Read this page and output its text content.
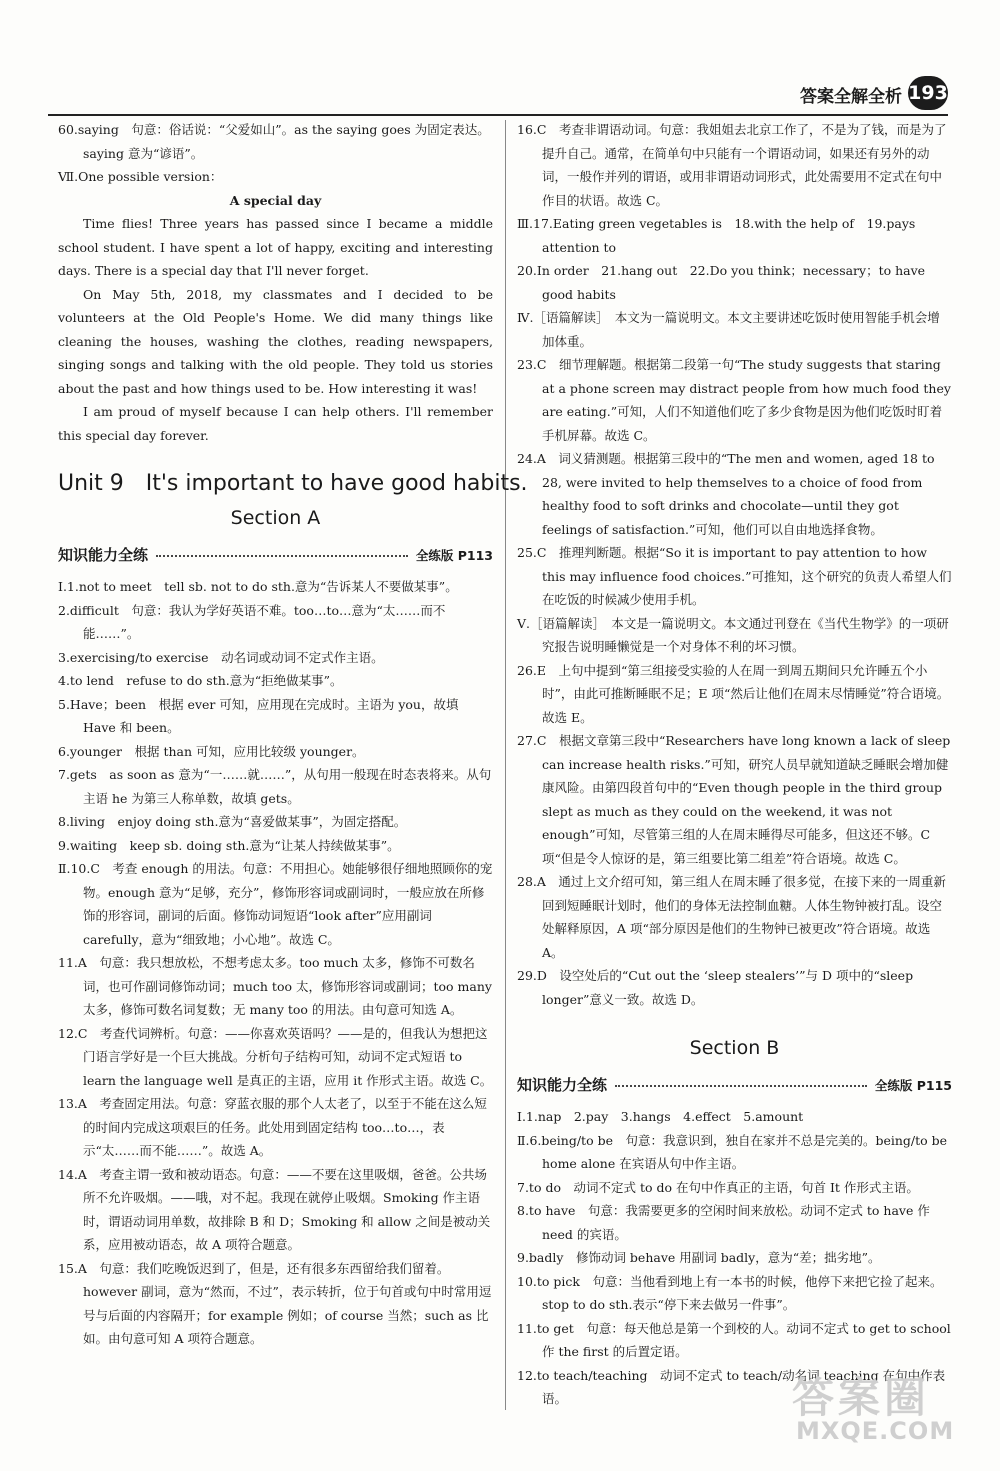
答案全解全析 193

60.saying　句意：俗话说：“父爱如山”。as the saying goes 为固定表达。saying 意为“谚语”。

Ⅶ.One possible version：

A special day

Time flies! Three years has passed since I became a middle school student. I have spent a lot of happy, exciting and interesting days. There is a special day that I'll never forget.

On May 5th, 2018, my classmates and I decided to be volunteers at the Old People's Home. We did many things like cleaning the houses, washing the clothes, reading newspapers, singing songs and talking with the old people. They told us stories about the past and how things used to be. How interesting it was!

I am proud of myself because I can help others. I'll remember this special day forever.

Unit 9　It's important to have good habits.
Section A
知识能力全练	全练版 P113

Ⅰ.1.not to meet　tell sb. not to do sth.意为“告诉某人不要做某事”。

2.difficult　句意：我认为学好英语不难。too…to…意为“太……而不能……”。

3.exercising/to exercise　动名词或动词不定式作主语。

4.to lend　refuse to do sth.意为“拒绝做某事”。

5.Have；been　根据 ever 可知，应用现在完成时。主语为 you，故填 Have 和 been。

6.younger　根据 than 可知，应用比较级 younger。

7.gets　as soon as 意为“一……就……”，从句用一般现在时态表将来。从句主语 he 为第三人称单数，故填 gets。

8.living　enjoy doing sth.意为“喜爱做某事”，为固定搭配。

9.waiting　keep sb. doing sth.意为“让某人持续做某事”。

Ⅱ.10.C　考查 enough 的用法。句意：不用担心。她能够很仔细地照顾你的宠物。enough 意为“足够，充分”，修饰形容词或副词时，一般应放在所修饰的形容词，副词的后面。修饰动词短语“look after”应用副词 carefully，意为“细致地；小心地”。故选 C。

11.A　句意：我只想放松，不想考虑太多。too much 太多，修饰不可数名词，也可作副词修饰动词；much too 太，修饰形容词或副词；too many 太多，修饰可数名词复数；无 many too 的用法。由句意可知选 A。

12.C　考查代词辨析。句意：——你喜欢英语吗？——是的，但我认为想把这门语言学好是一个巨大挑战。分析句子结构可知，动词不定式短语 to learn the language well 是真正的主语，应用 it 作形式主语。故选 C。

13.A　考查固定用法。句意：穿蓝衣服的那个人太老了，以至于不能在这么短的时间内完成这项艰巨的任务。此处用到固定结构 too…to…，表示“太……而不能……”。故选 A。

14.A　考查主谓一致和被动语态。句意：——不要在这里吸烟，爸爸。公共场所不允许吸烟。——哦，对不起。我现在就停止吸烟。Smoking 作主语时，谓语动词用单数，故排除 B 和 D；Smoking 和 allow 之间是被动关系，应用被动语态，故 A 项符合题意。

15.A　句意：我们吃晚饭迟到了，但是，还有很多东西留给我们留着。however 副词，意为“然而，不过”，表示转折，位于句首或句中时常用逗号与后面的内容隔开；for example 例如；of course 当然；such as 比如。由句意可知 A 项符合题意。

16.C　考查非谓语动词。句意：我姐姐去北京工作了，不是为了钱，而是为了提升自己。通常，在简单句中只能有一个谓语动词，如果还有另外的动词，一般作并列的谓语，或用非谓语动词形式，此处需要用不定式在句中作目的状语。故选 C。

Ⅲ.17.Eating green vegetables is　18.with the help of　19.pays attention to

20.In order　21.hang out　22.Do you think；necessary；to have good habits

Ⅳ.［语篇解读］　本文为一篇说明文。本文主要讲述吃饭时使用智能手机会增加体重。

23.C　细节理解题。根据第二段第一句“The study suggests that staring at a phone screen may distract people from how much food they are eating.”可知，人们不知道他们吃了多少食物是因为他们吃饭时盯着手机屏幕。故选 C。

24.A　词义猜测题。根据第三段中的“The men and women, aged 18 to 28, were invited to help themselves to a choice of food from healthy food to soft drinks and chocolate—until they got feelings of satisfaction.”可知，他们可以自由地选择食物。

25.C　推理判断题。根据“So it is important to pay attention to how this may influence food choices.”可推知，这个研究的负责人希望人们在吃饭的时候减少使用手机。

Ⅴ.［语篇解读］　本文是一篇说明文。本文通过刊登在《当代生物学》的一项研究报告说明睡懒觉是一个对身体不利的坏习惯。

26.E　上句中提到“第三组接受实验的人在周一到周五期间只允许睡五个小时”，由此可推断睡眠不足；E 项“然后让他们在周末尽情睡觉”符合语境。故选 E。

27.C　根据文章第三段中“Researchers have long known a lack of sleep can increase health risks.”可知，研究人员早就知道缺乏睡眠会增加健康风险。由第四段首句中的“Even though people in the third group slept as much as they could on the weekend, it was not enough”可知，尽管第三组的人在周末睡得尽可能多，但这还不够。C 项“但是令人惊讶的是，第三组要比第二组差”符合语境。故选 C。

28.A　通过上文介绍可知，第三组人在周末睡了很多觉，在接下来的一周重新回到短睡眠计划时，他们的身体无法控制血糖。人体生物钟被打乱。设空处解释原因，A 项“部分原因是他们的生物钟已被更改”符合语境。故选 A。

29.D　设空处后的“Cut out the ‘sleep stealers’”与 D 项中的“sleep longer”意义一致。故选 D。

Section B
知识能力全练	全练版 P115

Ⅰ.1.nap　2.pay　3.hangs　4.effect　5.amount

Ⅱ.6.being/to be　句意：我意识到，独自在家并不总是完美的。being/to be home alone 在宾语从句中作主语。

7.to do　动词不定式 to do 在句中作真正的主语，句首 It 作形式主语。

8.to have　句意：我需要更多的空闲时间来放松。动词不定式 to have 作 need 的宾语。

9.badly　修饰动词 behave 用副词 badly，意为“差；拙劣地”。

10.to pick　句意：当他看到地上有一本书的时候，他停下来把它捡了起来。stop to do sth.表示“停下来去做另一件事”。

11.to get　句意：每天他总是第一个到校的人。动词不定式 to get to school 作 the first 的后置定语。

12.to teach/teaching　动词不定式 to teach/动名词 teaching 在句中作表语。	答案圈
MXQE.COM
